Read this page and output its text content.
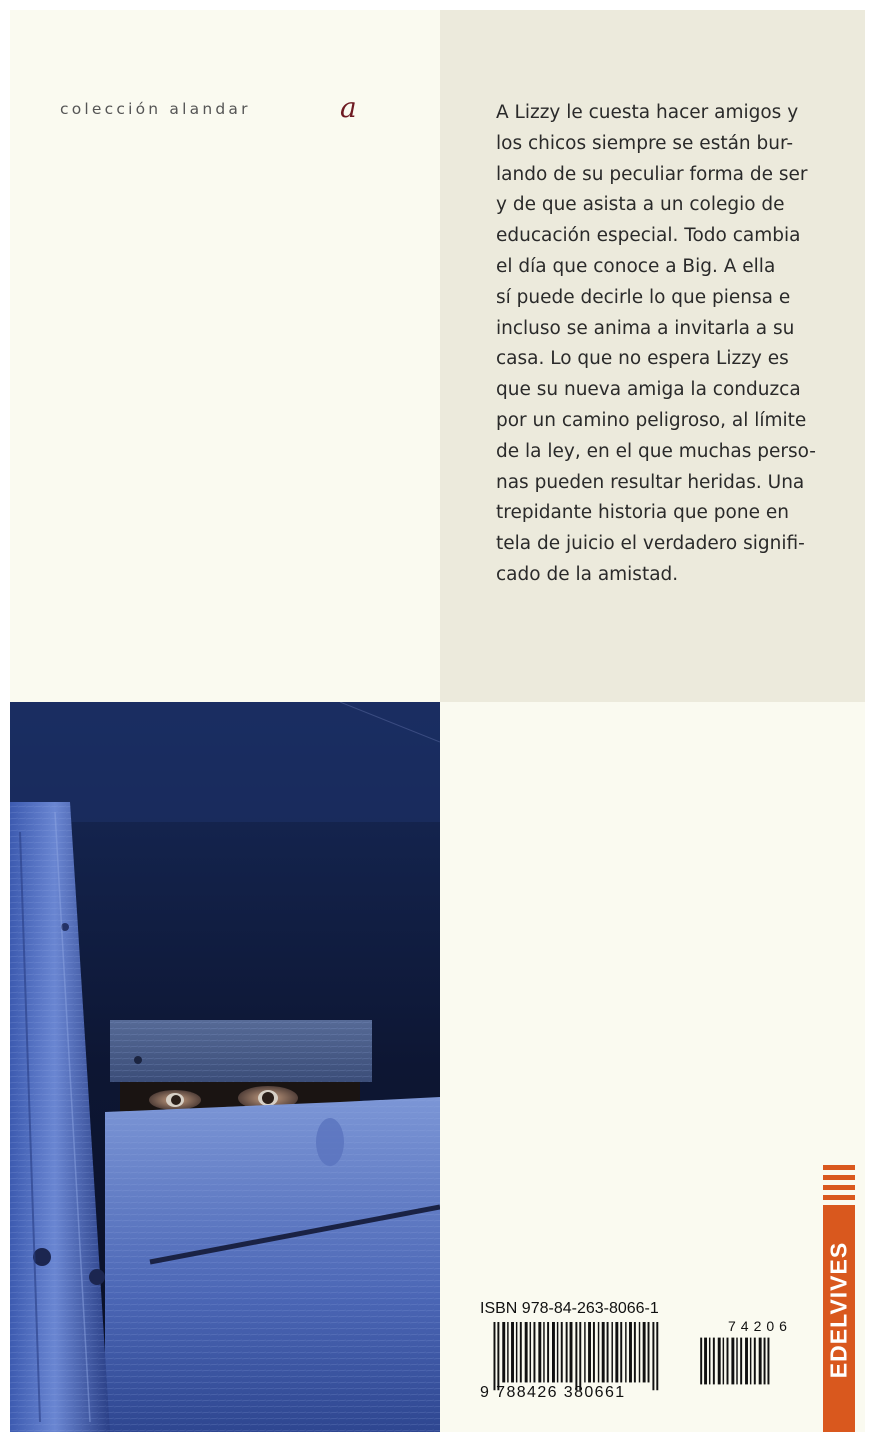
colección alandar	a	A Lizzy le cuesta hacer amigos y
los chicos siempre se están bur-
lando de su peculiar forma de ser
y de que asista a un colegio de
educación especial. Todo cambia
el día que conoce a Big. A ella
sí puede decirle lo que piensa e
incluso se anima a invitarla a su
casa. Lo que no espera Lizzy es
que su nueva amiga la conduzca
por un camino peligroso, al límite
de la ley, en el que muchas perso-
nas pueden resultar heridas. Una
trepidante historia que pone en
tela de juicio el verdadero signifi-
cado de la amistad.
ISBN 978-84-263-8066-1
74206
9 788426 380661
EDELVIVES
